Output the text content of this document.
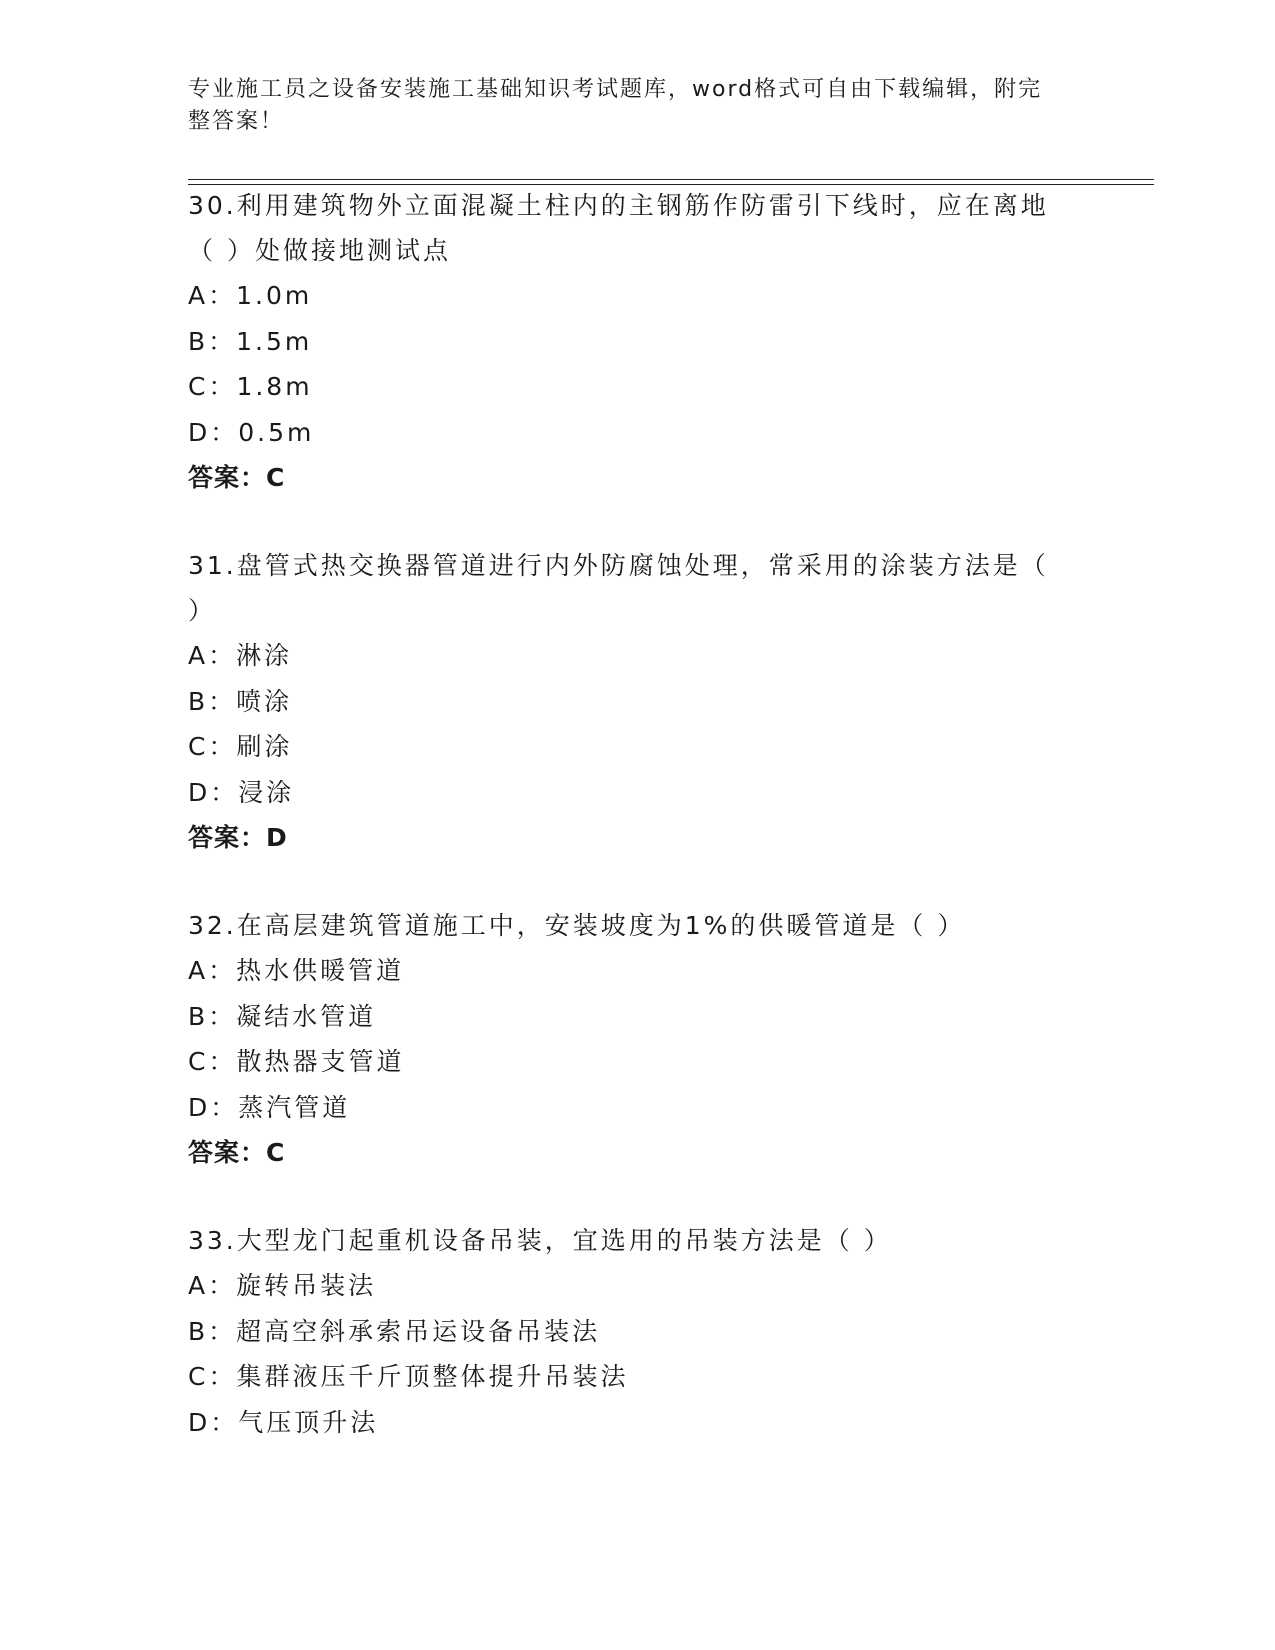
专业施工员之设备安装施工基础知识考试题库，word格式可自由下载编辑，附完
整答案！
30.利用建筑物外立面混凝土柱内的主钢筋作防雷引下线时，应在离地
（ ）处做接地测试点
A：1.0m
B：1.5m
C：1.8m
D：0.5m
答案：C
31.盘管式热交换器管道进行内外防腐蚀处理，常采用的涂装方法是（
）
A：淋涂
B：喷涂
C：刷涂
D：浸涂
答案：D
32.在高层建筑管道施工中，安装坡度为1%的供暖管道是（ ）
A：热水供暖管道
B：凝结水管道
C：散热器支管道
D：蒸汽管道
答案：C
33.大型龙门起重机设备吊装，宜选用的吊装方法是（ ）
A：旋转吊装法
B：超高空斜承索吊运设备吊装法
C：集群液压千斤顶整体提升吊装法
D：气压顶升法
